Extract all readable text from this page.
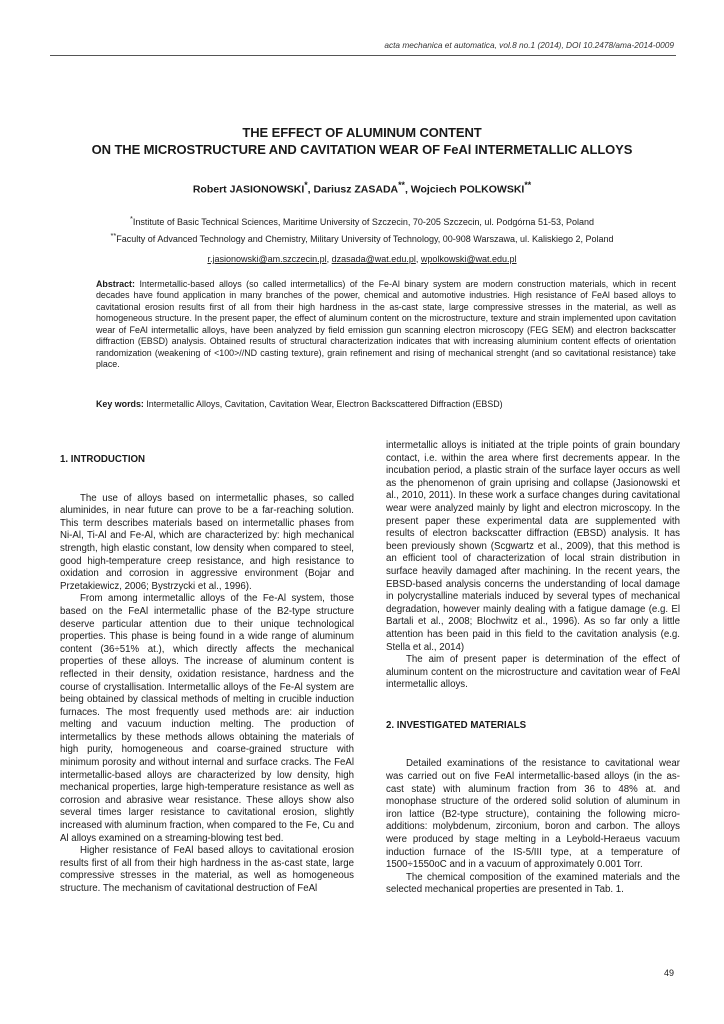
acta mechanica et automatica, vol.8 no.1 (2014), DOI 10.2478/ama-2014-0009
THE EFFECT OF ALUMINUM CONTENT
ON THE MICROSTRUCTURE AND CAVITATION WEAR OF FeAl INTERMETALLIC ALLOYS
Robert JASIONOWSKI*, Dariusz ZASADA**, Wojciech POLKOWSKI**
*Institute of Basic Technical Sciences, Maritime University of Szczecin, 70-205 Szczecin, ul. Podgórna 51-53, Poland
**Faculty of Advanced Technology and Chemistry, Military University of Technology, 00-908 Warszawa, ul. Kaliskiego 2, Poland
r.jasionowski@am.szczecin.pl, dzasada@wat.edu.pl, wpolkowski@wat.edu.pl
Abstract: Intermetallic-based alloys (so called intermetallics) of the Fe-Al binary system are modern construction materials, which in recent decades have found application in many branches of the power, chemical and automotive industries. High resistance of FeAl based alloys to cavitational erosion results first of all from their high hardness in the as-cast state, large compressive stresses in the material, as well as homogeneous structure. In the present paper, the effect of aluminum content on the microstructure, texture and strain implemented upon cavitation wear of FeAl intermetallic alloys, have been analyzed by field emission gun scanning electron microscopy (FEG SEM) and electron backscatter diffraction (EBSD) analysis. Obtained results of structural characterization indicates that with increasing aluminium content effects of orientation randomization (weakening of <100>//ND casting texture), grain refinement and rising of mechanical strenght (and so cavitational resistance) take place.
Key words: Intermetallic Alloys, Cavitation, Cavitation Wear, Electron Backscattered Diffraction (EBSD)
1. INTRODUCTION

The use of alloys based on intermetallic phases, so called aluminides, in near future can prove to be a far-reaching solution. This term describes materials based on intermetallic phases from Ni-Al, Ti-Al and Fe-Al, which are characterized by: high mechanical strength, high elastic constant, low density when compared to steel, good high-temperature creep resistance, and high resistance to oxidation and corrosion in aggressive environment (Bojar and Przetakiewicz, 2006; Bystrzycki et al., 1996).

From among intermetallic alloys of the Fe-Al system, those based on the FeAl intermetallic phase of the B2-type structure deserve particular attention due to their unique technological properties. This phase is being found in a wide range of aluminum content (36÷51% at.), which directly affects the mechanical properties of these alloys. The increase of aluminum content is reflected in their density, oxidation resistance, hardness and the course of crystallisation. Intermetallic alloys of the Fe-Al system are being obtained by classical methods of melting in crucible induction furnaces. The most frequently used methods are: air induction melting and vacuum induction melting. The production of intermetallics by these methods allows obtaining the materials of high purity, homogeneous and coarse-grained structure with minimum porosity and without internal and surface cracks. The FeAl intermetallic-based alloys are characterized by low density, high mechanical properties, large high-temperature resistance as well as corrosion and abrasive wear resistance. These alloys show also several times larger resistance to cavitational erosion, slightly increased with aluminum fraction, when compared to the Fe, Cu and Al alloys examined on a streaming-blowing test bed.

Higher resistance of FeAl based alloys to cavitational erosion results first of all from their high hardness in the as-cast state, large compressive stresses in the material, as well as homogeneous structure. The mechanism of cavitational destruction of FeAl

intermetallic alloys is initiated at the triple points of grain boundary contact, i.e. within the area where first decrements appear. In the incubation period, a plastic strain of the surface layer occurs as well as the phenomenon of grain uprising and collapse (Jasionowski et al., 2010, 2011). In these work a surface changes during cavitational wear were analyzed mainly by light and electron microscopy. In the present paper these experimental data are supplemented with results of electron backscatter diffraction (EBSD) analysis. It has been previously shown (Scgwartz et al., 2009), that this method is an efficient tool of characterization of local strain distribution in surface heavily damaged after machining. In the recent years, the EBSD-based analysis concerns the understanding of local damage in polycrystalline materials induced by several types of mechanical degradation, however mainly dealing with a fatigue damage (e.g. El Bartali et al., 2008; Blochwitz et al., 1996). As so far only a little attention has been paid in this field to the cavitation analysis (e.g. Stella et al., 2014)

The aim of present paper is determination of the effect of aluminum content on the microstructure and cavitation wear of FeAl intermetallic alloys.

2. INVESTIGATED MATERIALS

Detailed examinations of the resistance to cavitational wear was carried out on five FeAl intermetallic-based alloys (in the as-cast state) with aluminum fraction from 36 to 48% at. and monophase structure of the ordered solid solution of aluminum in iron lattice (B2-type structure), containing the following micro-additions: molybdenum, zirconium, boron and carbon. The alloys were produced by stage melting in a Leybold-Heraeus vacuum induction furnace of the IS-5/III type, at a temperature of 1500÷1550oC and in a vacuum of approximately 0.001 Torr.

The chemical composition of the examined materials and the selected mechanical properties are presented in Tab. 1.

49
